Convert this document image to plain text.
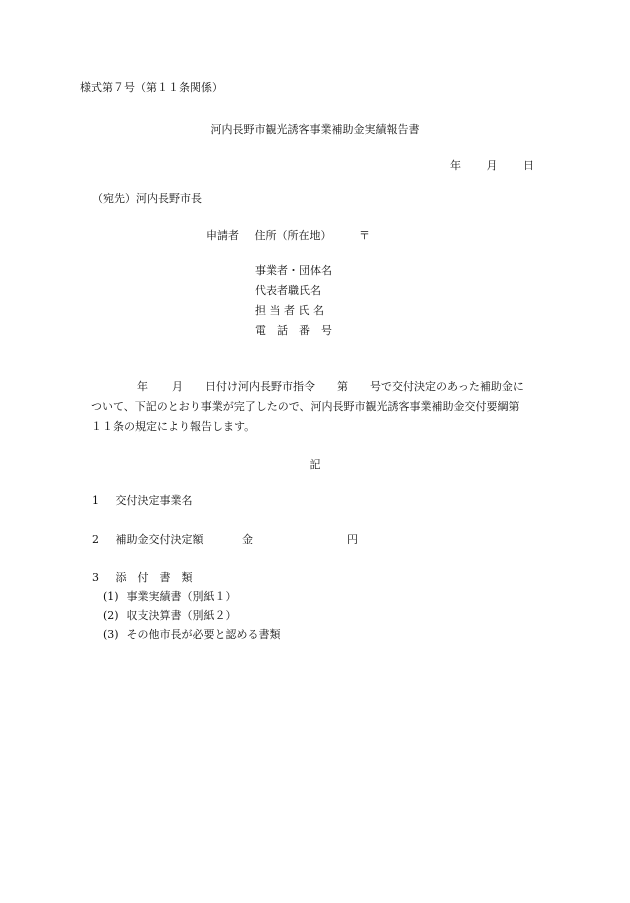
様式第７号（第１１条関係）
河内長野市観光誘客事業補助金実績報告書
年 月 日
（宛先）河内長野市長
申請者 住所（所在地）	〒
事業者・団体名
代表者職氏名
担 当 者 氏 名
電　話　番　号
年 月 日付け河内長野市指令 第 号で交付決定のあった補助金に
ついて、下記のとおり事業が完了したので、河内長野市観光誘客事業補助金交付要綱第
１１条の規定により報告します。
記
1 交付決定事業名
2 補助金交付決定額	金	円
3 添　付　書　類
(1) 事業実績書（別紙１）
(2) 収支決算書（別紙２）
(3) その他市長が必要と認める書類
